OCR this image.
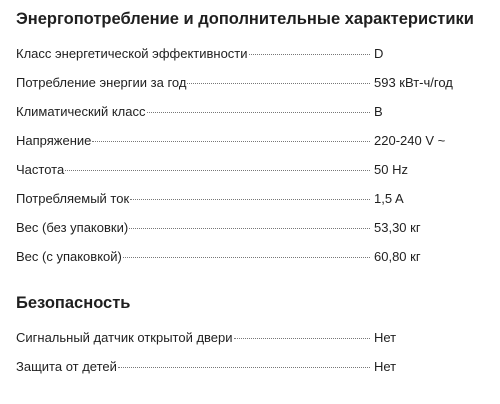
Энергопотребление и дополнительные характеристики
Класс энергетической эффективности	D
Потребление энергии за год	593 кВт-ч/год
Климатический класс	B
Напряжение	220-240 V ~
Частота	50 Hz
Потребляемый ток	1,5 A
Вес (без упаковки)	53,30 кг
Вес (с упаковкой)	60,80 кг
Безопасность
Сигнальный датчик открытой двери	Нет
Защита от детей	Нет
